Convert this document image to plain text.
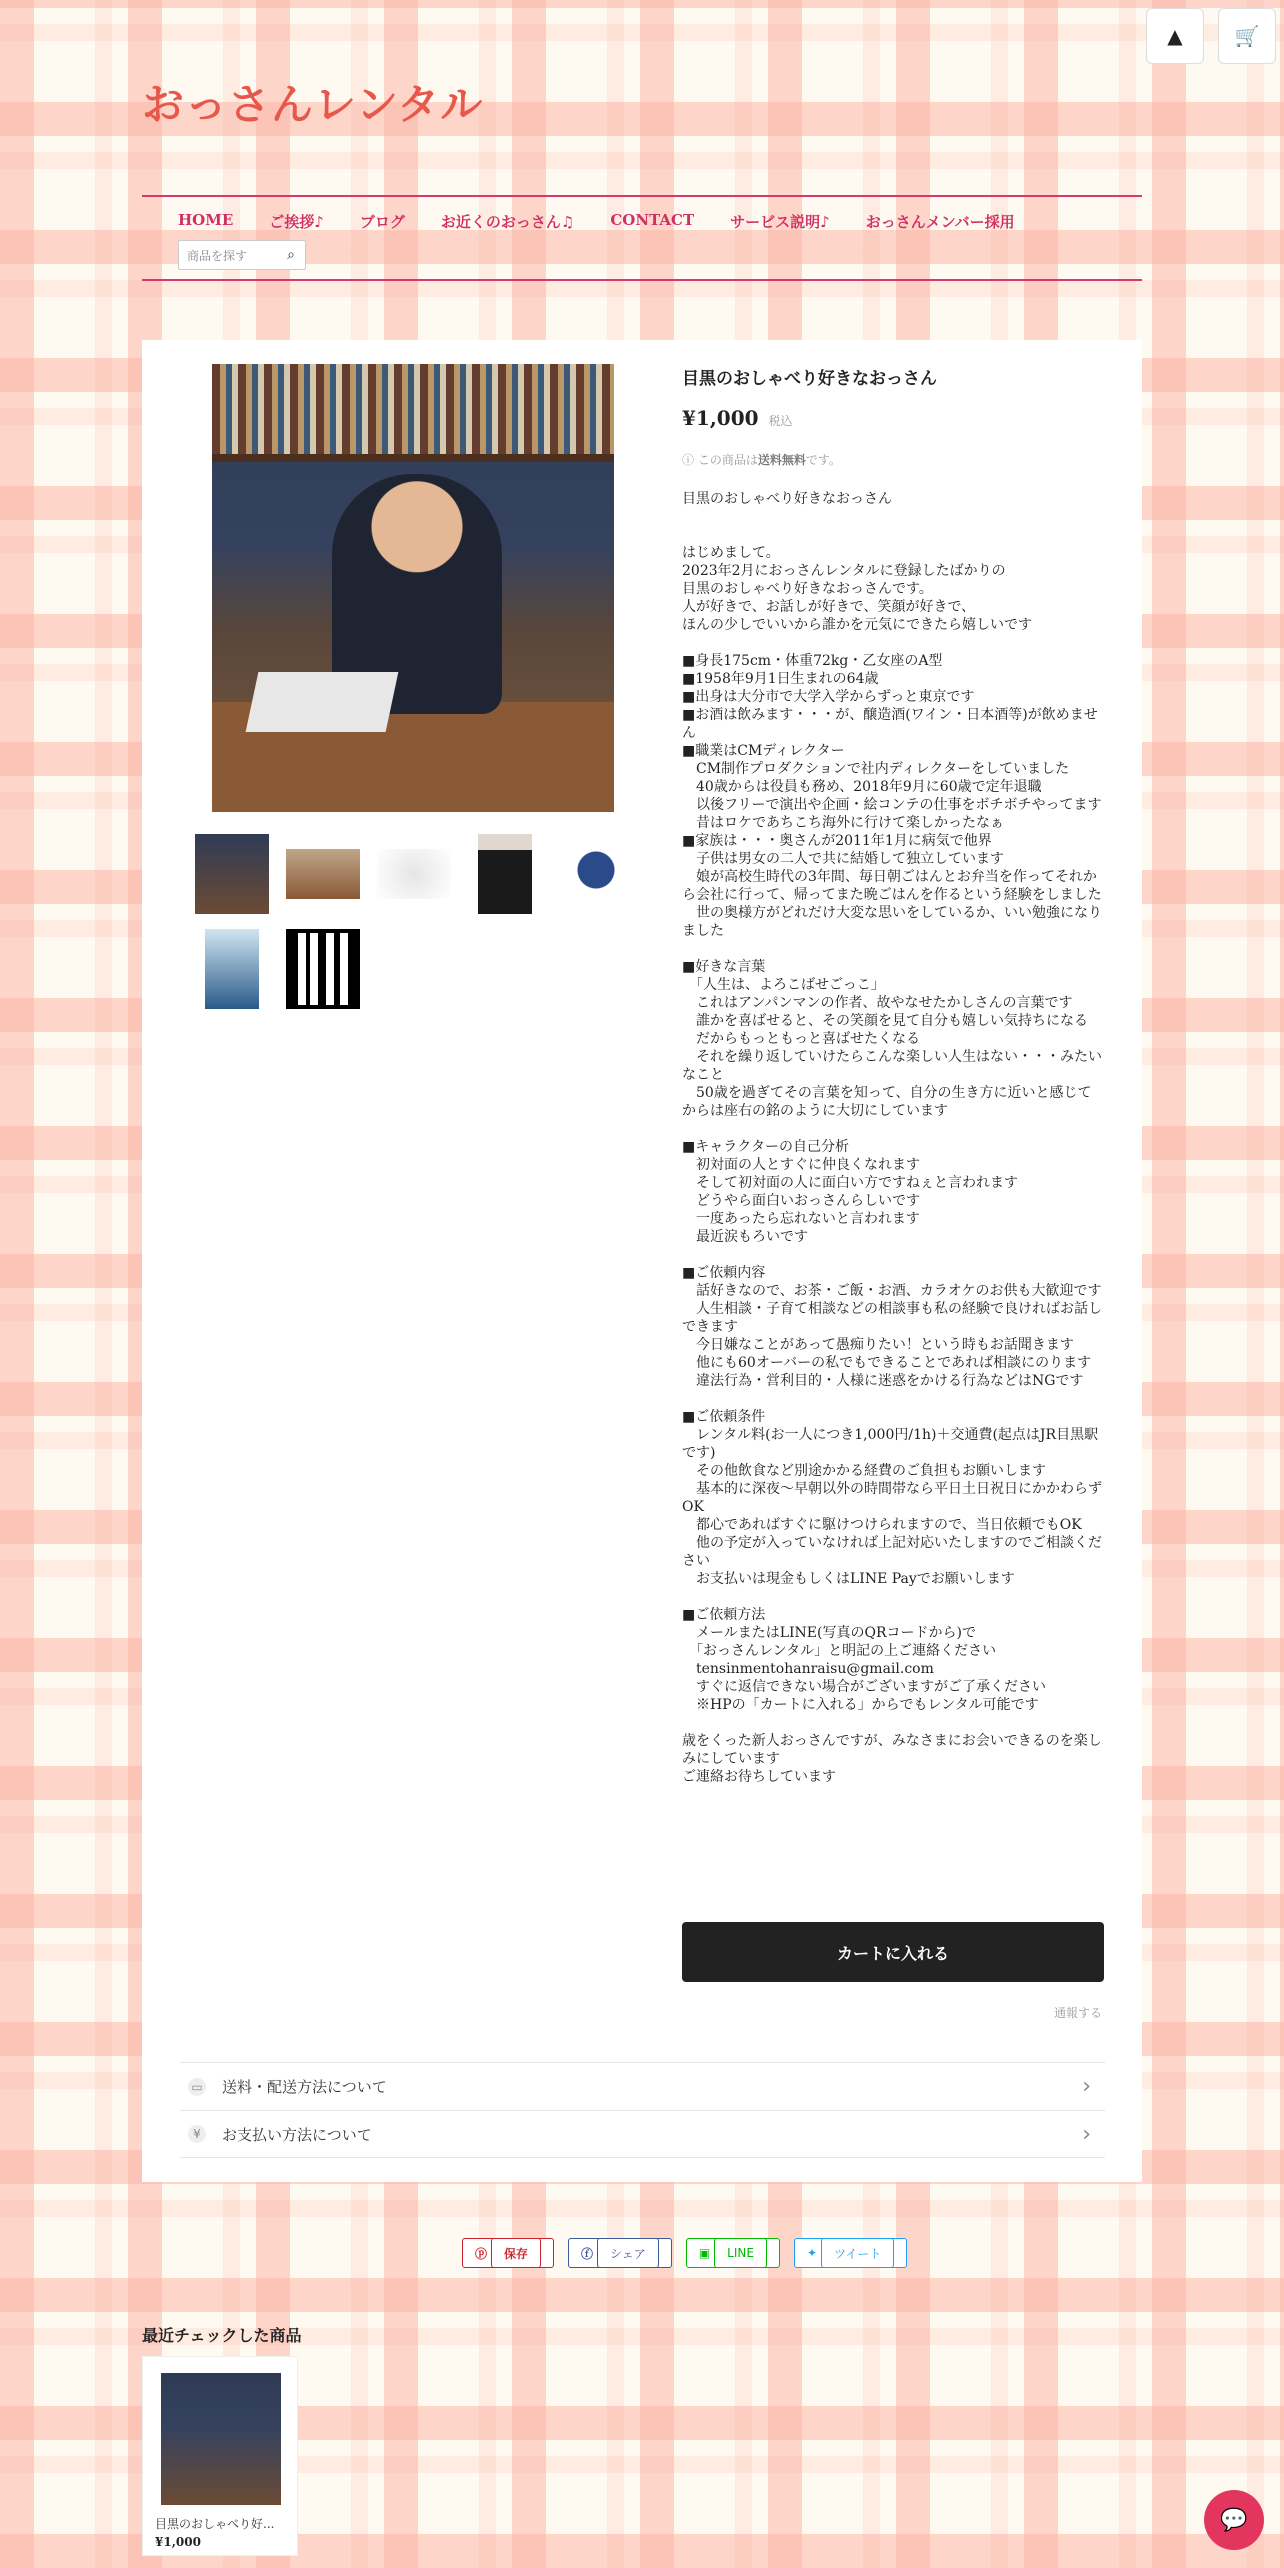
▲	🛒
おっさんレンタル
HOME ご挨拶♪ ブログ お近くのおっさん♫ CONTACT サービス説明♪ おっさんメンバー採用
商品を探す	⌕
目黒のおしゃべり好きなおっさん
¥1,000 税込
ⓘ この商品は送料無料です。
目黒のおしゃべり好きなおっさん

はじめまして。
2023年2月におっさんレンタルに登録したばかりの
目黒のおしゃべり好きなおっさんです。
人が好きで、お話しが好きで、笑顔が好きで、
ほんの少しでいいから誰かを元気にできたら嬉しいです

■身長175cm・体重72kg・乙女座のA型
■1958年9月1日生まれの64歳
■出身は大分市で大学入学からずっと東京です
■お酒は飲みます・・・が、醸造酒(ワイン・日本酒等)が飲めません
■職業はCMディレクター
　CM制作プロダクションで社内ディレクターをしていました
　40歳からは役員も務め、2018年9月に60歳で定年退職
　以後フリーで演出や企画・絵コンテの仕事をボチボチやってます
　昔はロケであちこち海外に行けて楽しかったなぁ
■家族は・・・奥さんが2011年1月に病気で他界
　子供は男女の二人で共に結婚して独立しています
　娘が高校生時代の3年間、毎日朝ごはんとお弁当を作ってそれから会社に行って、帰ってまた晩ごはんを作るという経験をしました
　世の奥様方がどれだけ大変な思いをしているか、いい勉強になりました

■好きな言葉
　「人生は、よろこばせごっこ」
　これはアンパンマンの作者、故やなせたかしさんの言葉です
　誰かを喜ばせると、その笑顔を見て自分も嬉しい気持ちになる
　だからもっともっと喜ばせたくなる
　それを繰り返していけたらこんな楽しい人生はない・・・みたいなこと
　50歳を過ぎてその言葉を知って、自分の生き方に近いと感じてからは座右の銘のように大切にしています

■キャラクターの自己分析
　初対面の人とすぐに仲良くなれます
　そして初対面の人に面白い方ですねぇと言われます
　どうやら面白いおっさんらしいです
　一度あったら忘れないと言われます
　最近涙もろいです

■ご依頼内容
　話好きなので、お茶・ご飯・お酒、カラオケのお供も大歓迎です
　人生相談・子育て相談などの相談事も私の経験で良ければお話しできます
　今日嫌なことがあって愚痴りたい！という時もお話聞きます
　他にも60オーバーの私でもできることであれば相談にのります
　違法行為・営利目的・人様に迷惑をかける行為などはNGです

■ご依頼条件
　レンタル料(お一人につき1,000円/1h)＋交通費(起点はJR目黒駅です)
　その他飲食など別途かかる経費のご負担もお願いします
　基本的に深夜〜早朝以外の時間帯なら平日土日祝日にかかわらずOK
　都心であればすぐに駆けつけられますので、当日依頼でもOK
　他の予定が入っていなければ上記対応いたしますのでご相談ください
　お支払いは現金もしくはLINE Payでお願いします

■ご依頼方法
　メールまたはLINE(写真のQRコードから)で
　「おっさんレンタル」と明記の上ご連絡ください
　tensinmentohanraisu@gmail.com
　すぐに返信できない場合がございますがご了承ください
　※HPの「カートに入れる」からでもレンタル可能です

歳をくった新人おっさんですが、みなさまにお会いできるのを楽しみにしています
ご連絡お待ちしています
カートに入れる
通報する
▭ 送料・配送方法について	›
¥	お支払い方法について	›
ⓟ	保存	ⓕ	シェア	▣	LINE	✦	ツイート
最近チェックした商品
目黒のおしゃべり好...
¥1,000
💬
